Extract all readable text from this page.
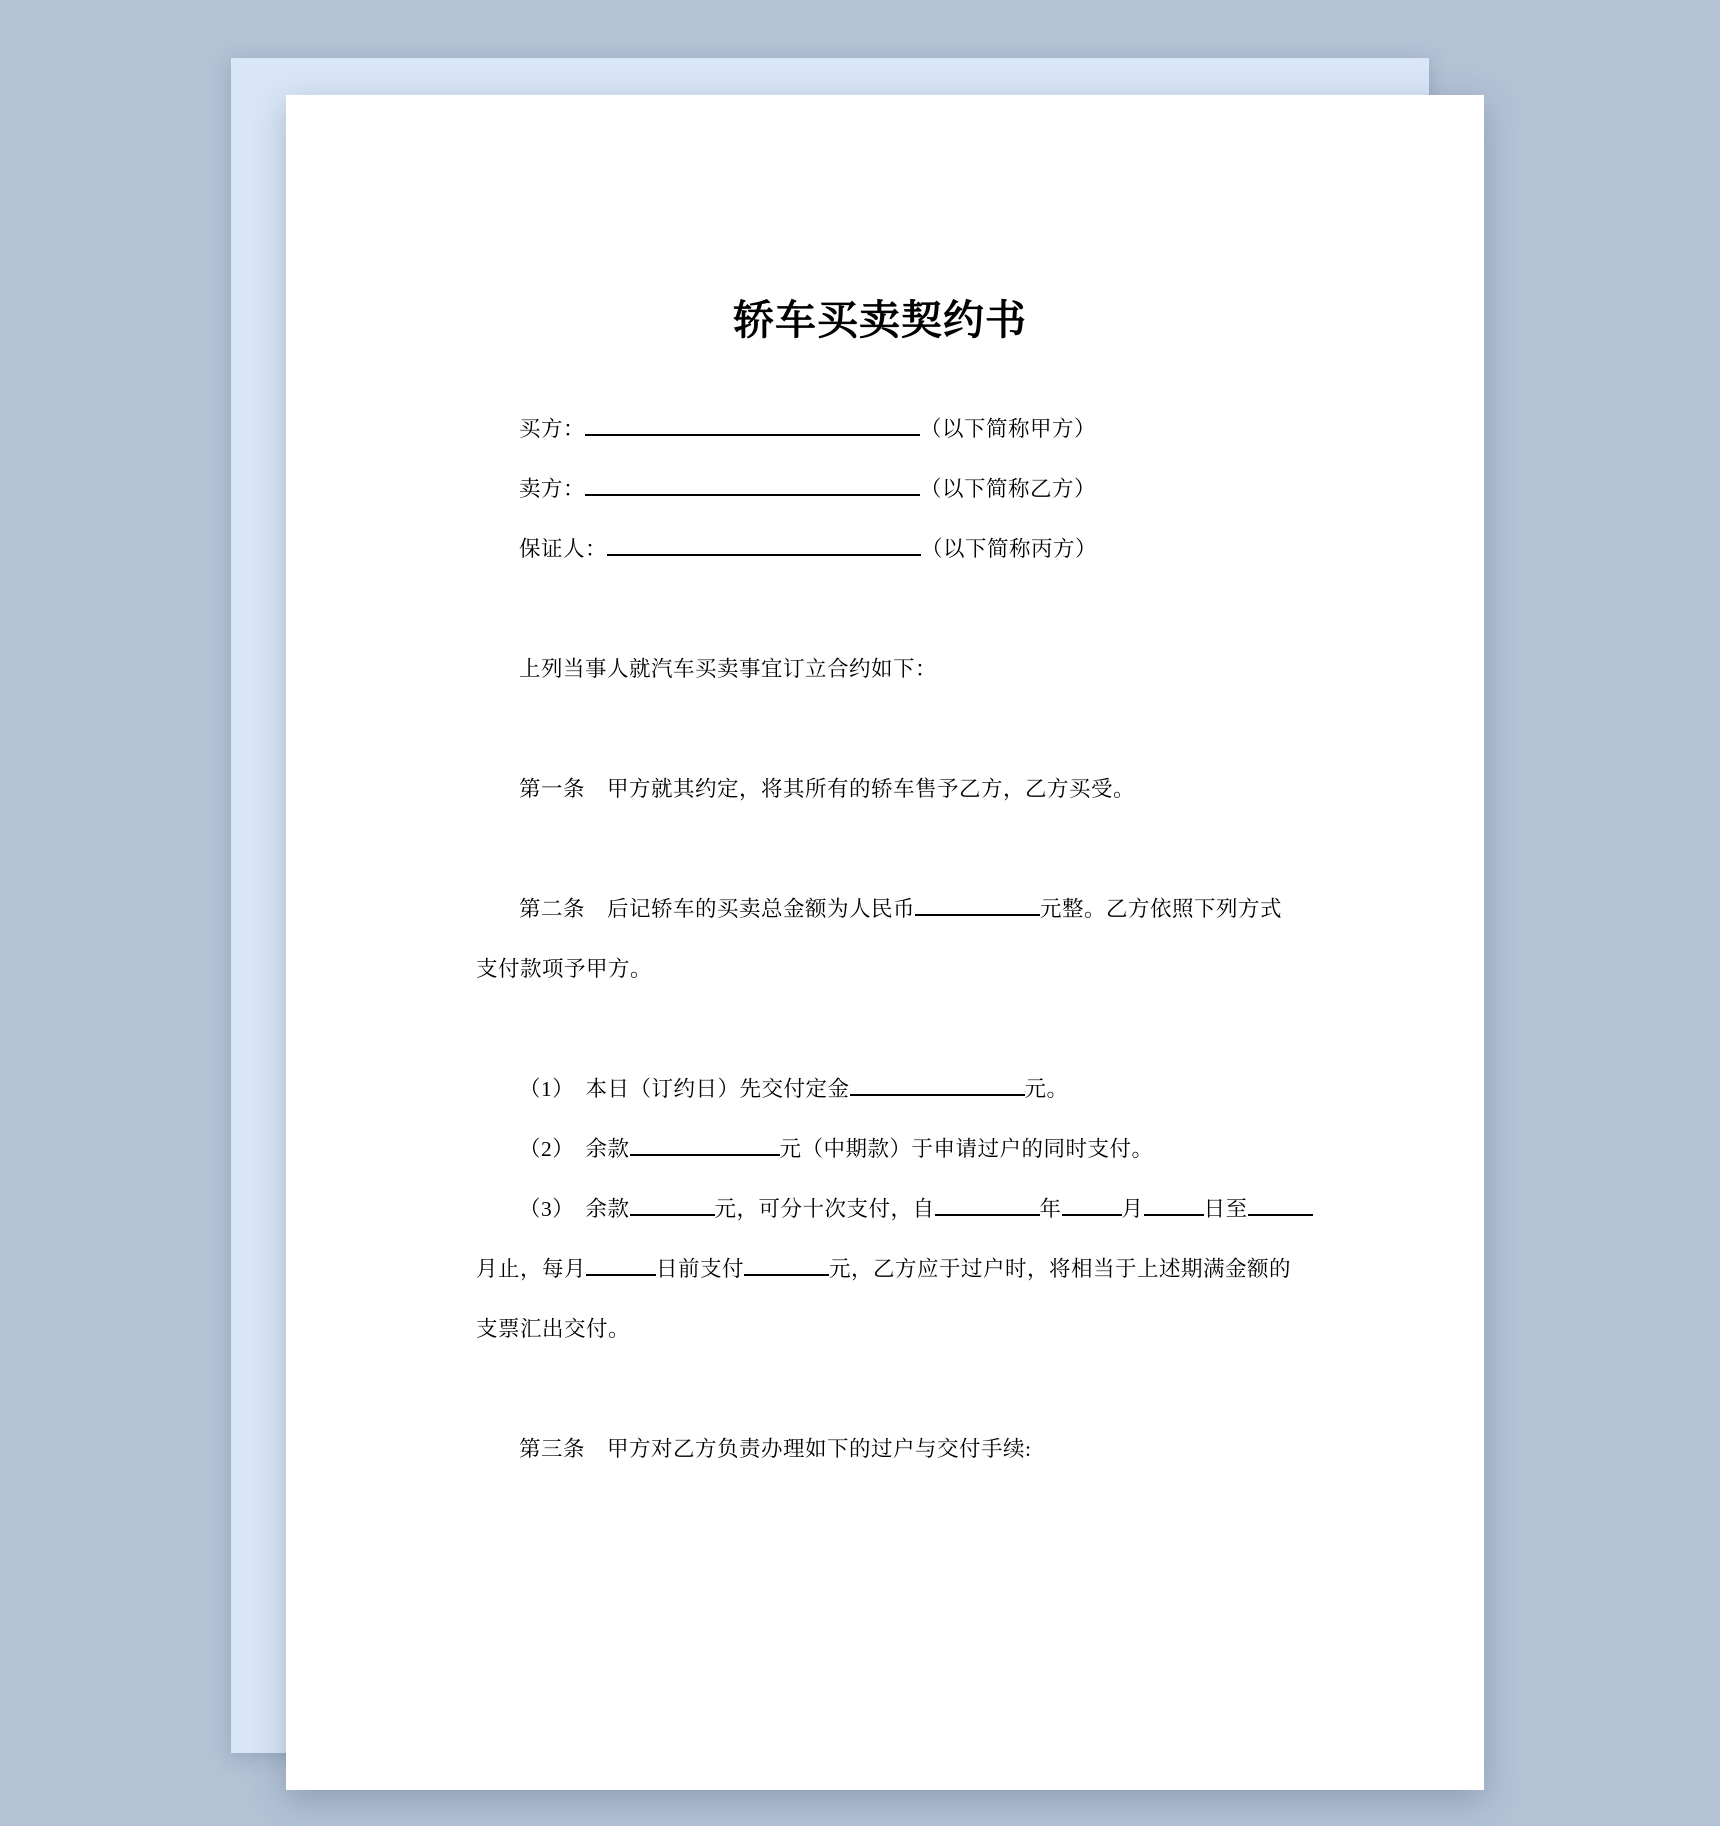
轿车买卖契约书
买方：	（以下简称甲方）
卖方：	（以下简称乙方）
保证人：	（以下简称丙方）
上列当事人就汽车买卖事宜订立合约如下：
第一条　甲方就其约定，将其所有的轿车售予乙方，乙方买受。
第二条　后记轿车的买卖总金额为人民币	元整。乙方依照下列方式
支付款项予甲方。
（1）　本日（订约日）先交付定金	元。
（2）　余款	元（中期款）于申请过户的同时支付。
（3）　余款	元，可分十次支付，自	年	月	日至
月止，每月	日前支付	元，乙方应于过户时，将相当于上述期满金额的
支票汇出交付。
第三条　甲方对乙方负责办理如下的过户与交付手续:
